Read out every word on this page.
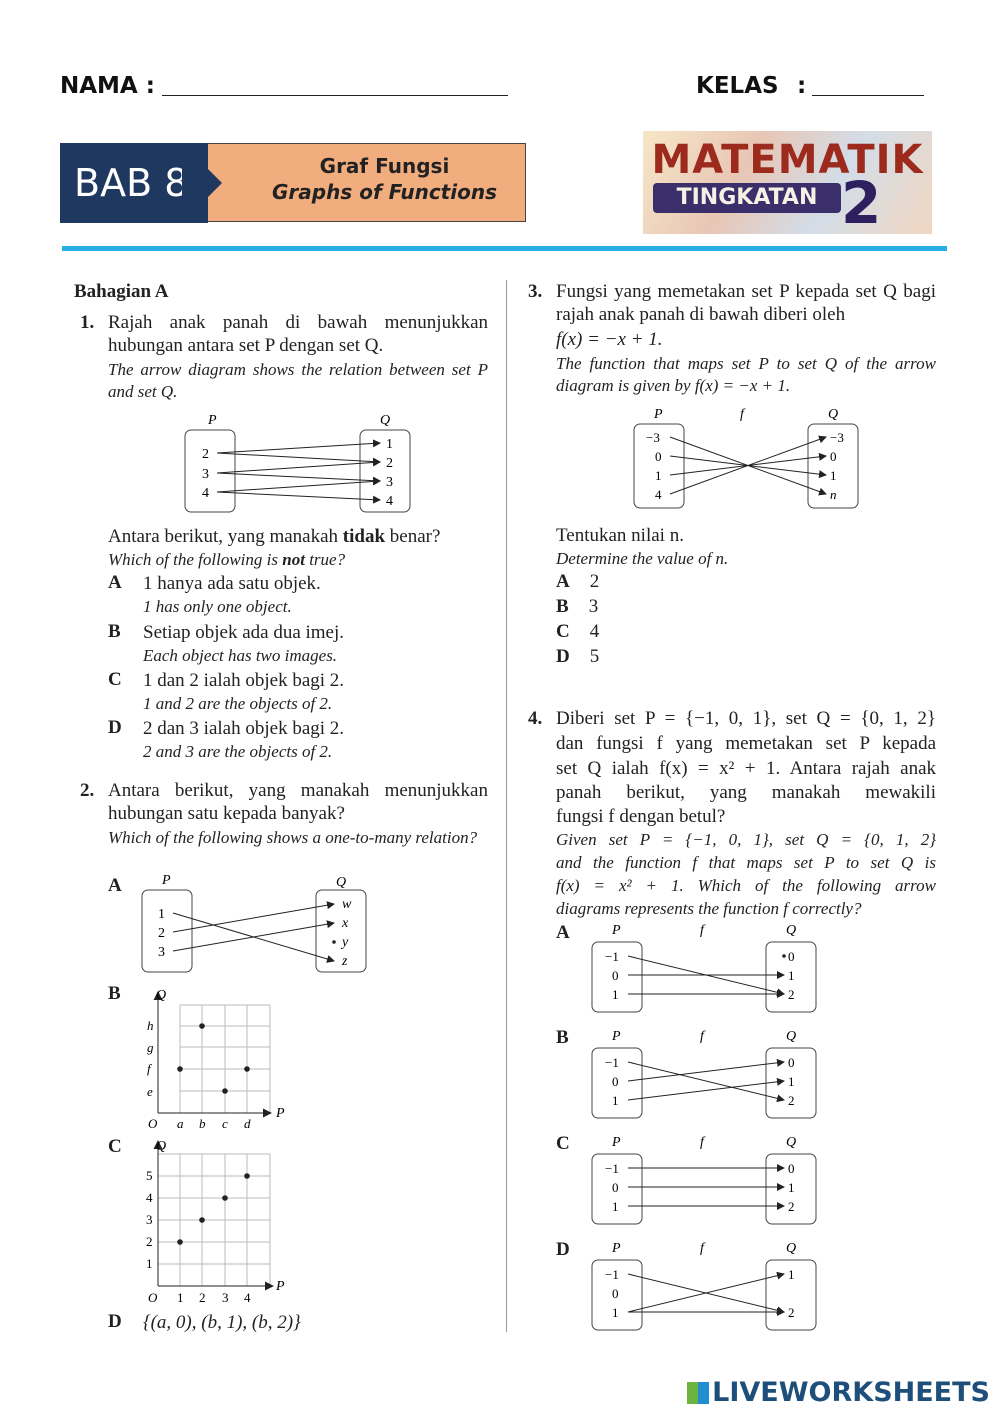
NAMA :	KELAS :
Graf Fungsi
Graphs of Functions
BAB 8	MATEMATIK
TINGKATAN 2
Bahagian A
1. Rajah anak panah di bawah menunjukkan hubungan antara set P dengan set Q.
The arrow diagram shows the relation between set P and set Q.
P	Q
2
3
4
1
2
3
4
Antara berikut, yang manakah tidak benar?
Which of the following is not true?
A 1 hanya ada satu objek.
1 has only one object.
B Setiap objek ada dua imej.
Each object has two images.
C 1 dan 2 ialah objek bagi 2.
1 and 2 are the objects of 2.
D 2 dan 3 ialah objek bagi 2.
2 and 3 are the objects of 2.
2. Antara berikut, yang manakah menunjukkan hubungan satu kepada banyak?
Which of the following shows a one-to-many relation?
A	P	Q
1
2
3
w
x
y
z
B	Q
P
O
e
f
g
h
a b c d
C Q
P
O
1
2
3
4
5
1 2 3 4
D {(a, 0), (b, 1), (b, 2)}
3. Fungsi yang memetakan set P kepada set Q bagi rajah anak panah di bawah diberi oleh
f(x) = −x + 1.
The function that maps set P to set Q of the arrow diagram is given by f(x) = −x + 1.
P	f	Q
−3
0
1
4
−3
0
1
n
Tentukan nilai n.
Determine the value of n.
A 2
B 3
C 4
D 5
4. Diberi set P = {−1, 0, 1}, set Q = {0, 1, 2}
dan fungsi f yang memetakan set P kepada
set Q ialah f(x) = x² + 1. Antara rajah anak
panah berikut, yang manakah mewakili
fungsi f dengan betul?
Given set P = {−1, 0, 1}, set Q = {0, 1, 2}
and the function f that maps set P to set Q is
f(x) = x² + 1. Which of the following arrow
diagrams represents the function f correctly?
A	P	f	Q
−1
0
1
0
1
2
B	P	f	Q
−1
0
1
0
1
2
C	P	f	Q
−1
0
1
0
1
2
D	P	f	Q
−1
0
1
1
2
LIVEWORKSHEETS
